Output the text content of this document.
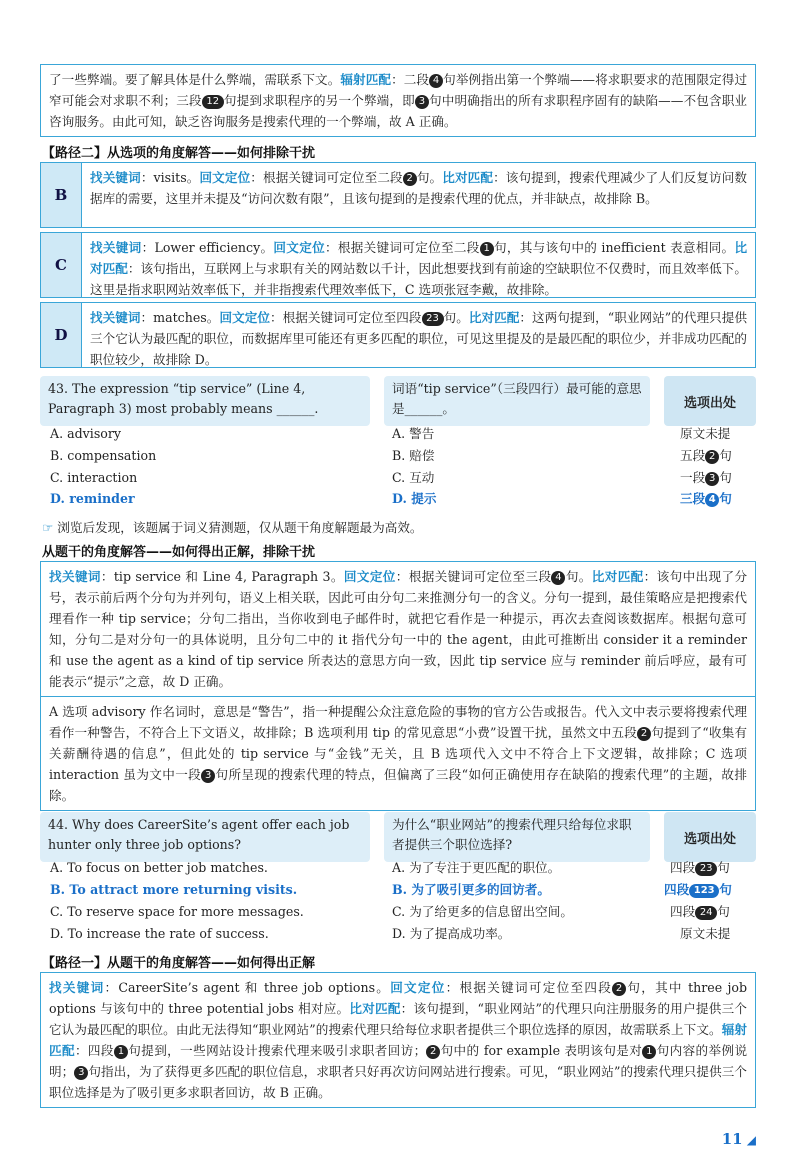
了一些弊端。要了解具体是什么弊端，需联系下文。辐射匹配：二段 4 句举例指出第一个弊端——将求职要求的范围限定得过窄可能会对求职不利；三段 12 句提到求职程序的另一个弊端，即 3 句中明确指出的所有求职程序固有的缺陷——不包含职业咨询服务。由此可知，缺乏咨询服务是搜索代理的一个弊端，故 A 正确。

【路径二】从选项的角度解答——如何排除干扰
B
找关键词：visits。回文定位：根据关键词可定位至二段 2 句。比对匹配：该句提到，搜索代理减少了人们反复访问数据库的需要，这里并未提及“访问次数有限”，且该句提到的是搜索代理的优点，并非缺点，故排除 B。
C
找关键词：Lower efficiency。回文定位：根据关键词可定位至二段 1 句，其与该句中的 inefficient 表意相同。比对匹配：该句指出，互联网上与求职有关的网站数以千计，因此想要找到有前途的空缺职位不仅费时，而且效率低下。这里是指求职网站效率低下，并非指搜索代理效率低下，C 选项张冠李戴，故排除。
D
找关键词：matches。回文定位：根据关键词可定位至四段 23 句。比对匹配：这两句提到，“职业网站”的代理只提供三个它认为最匹配的职位，而数据库里可能还有更多匹配的职位，可见这里提及的是最匹配的职位少，并非成功匹配的职位较少，故排除 D。
43. The expression “tip service” (Line 4, Paragraph 3) most probably means ______.
词语“tip service”（三段四行）最可能的意思是______。	选项出处
A. advisory
B. compensation
C. interaction
D. reminder
A. 警告
B. 赔偿
C. 互动
D. 提示
原文未提
五段 2 句
一段 3 句
三段 4 句
☞ 浏览后发现，该题属于词义猜测题，仅从题干角度解题最为高效。
从题干的角度解答——如何得出正解，排除干扰

找关键词：tip service 和 Line 4, Paragraph 3。回文定位：根据关键词可定位至三段 4 句。比对匹配：该句中出现了分号，表示前后两个分句为并列句，语义上相关联，因此可由分句二来推测分句一的含义。分句一提到，最佳策略应是把搜索代理看作一种 tip service；分句二指出，当你收到电子邮件时，就把它看作是一种提示，再次去查阅该数据库。根据句意可知，分句二是对分句一的具体说明，且分句二中的 it 指代分句一中的 the agent，由此可推断出 consider it a reminder 和 use the agent as a kind of tip service 所表达的意思方向一致，因此 tip service 应与 reminder 前后呼应，最有可能表示“提示”之意，故 D 正确。

A 选项 advisory 作名词时，意思是“警告”，指一种提醒公众注意危险的事物的官方公告或报告。代入文中表示要将搜索代理看作一种警告，不符合上下文语义，故排除；B 选项利用 tip 的常见意思“小费”设置干扰，虽然文中五段 2 句提到了“收集有关薪酬待遇的信息”，但此处的 tip service 与“金钱”无关，且 B 选项代入文中不符合上下文逻辑，故排除；C 选项 interaction 虽为文中一段 3 句所呈现的搜索代理的特点，但偏离了三段“如何正确使用存在缺陷的搜索代理”的主题，故排除。

44. Why does CareerSite’s agent offer each job hunter only three job options?
为什么“职业网站”的搜索代理只给每位求职者提供三个职位选择?	选项出处
A. To focus on better job matches.
B. To attract more returning visits.
C. To reserve space for more messages.
D. To increase the rate of success.
A. 为了专注于更匹配的职位。
B. 为了吸引更多的回访者。
C. 为了给更多的信息留出空间。
D. 为了提高成功率。
四段 23 句
四段 123 句
四段 24 句
原文未提
【路径一】从题干的角度解答——如何得出正解

找关键词：CareerSite’s agent 和 three job options。回文定位：根据关键词可定位至四段 2 句，其中 three job options 与该句中的 three potential jobs 相对应。比对匹配：该句提到，“职业网站”的代理只向注册服务的用户提供三个它认为最匹配的职位。由此无法得知“职业网站”的搜索代理只给每位求职者提供三个职位选择的原因，故需联系上下文。辐射匹配：四段 1 句提到，一些网站设计搜索代理来吸引求职者回访； 2 句中的 for example 表明该句是对 1 句内容的举例说明； 3 句指出，为了获得更多匹配的职位信息，求职者只好再次访问网站进行搜索。可见，“职业网站”的搜索代理只提供三个职位选择是为了吸引更多求职者回访，故 B 正确。

11 ◢
